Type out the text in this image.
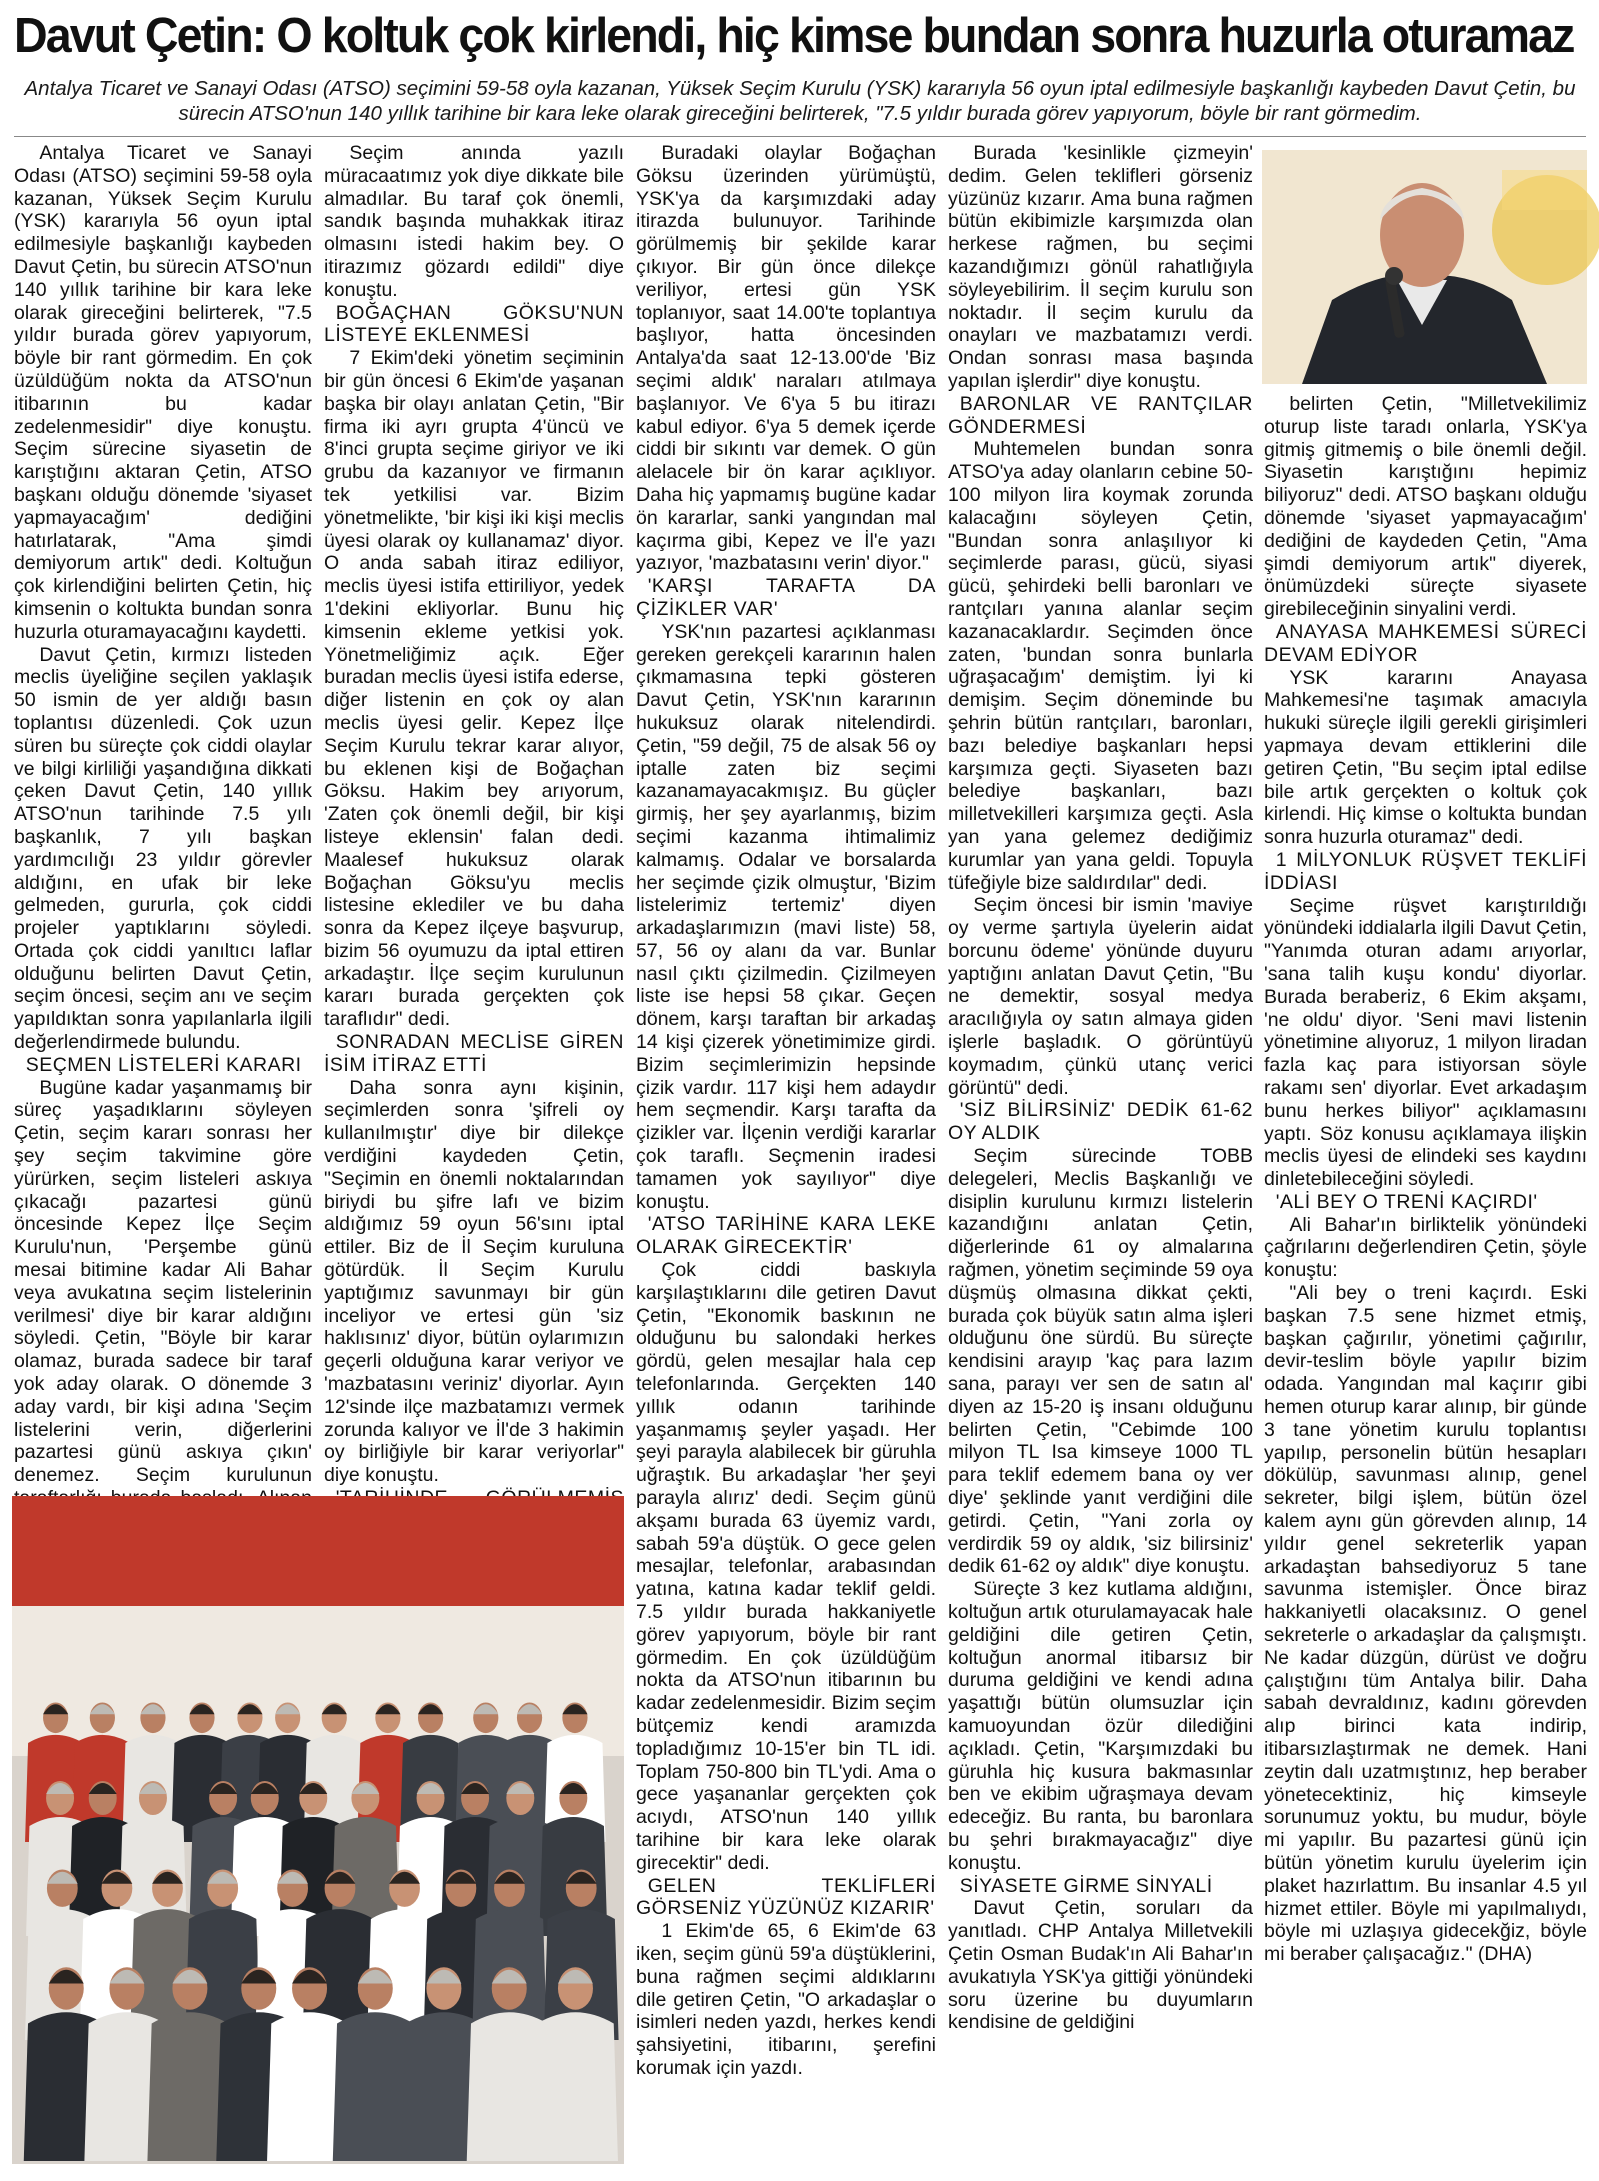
Davut Çetin: O koltuk çok kirlendi, hiç kimse bundan sonra huzurla oturamaz
Antalya Ticaret ve Sanayi Odası (ATSO) seçimini 59-58 oyla kazanan, Yüksek Seçim Kurulu (YSK) kararıyla 56 oyun iptal edilmesiyle başkanlığı kaybeden Davut Çetin, bu sürecin ATSO'nun 140 yıllık tarihine bir kara leke olarak gireceğini belirterek, "7.5 yıldır burada görev yapıyorum, böyle bir rant görmedim.

Antalya Ticaret ve Sanayi Odası (ATSO) seçimini 59-58 oyla kazanan, Yüksek Seçim Kurulu (YSK) kararıyla 56 oyun iptal edilmesiyle başkanlığı kaybeden Davut Çetin, bu sürecin ATSO'nun 140 yıllık tarihine bir kara leke olarak gireceğini belirterek, "7.5 yıldır burada görev yapıyorum, böyle bir rant görmedim. En çok üzüldüğüm nokta da ATSO'nun itibarının bu kadar zedelenmesidir" diye konuştu. Seçim sürecine siyasetin de karıştığını aktaran Çetin, ATSO başkanı olduğu dönemde 'siyaset yapmayacağım' dediğini hatırlatarak, "Ama şimdi demiyorum artık" dedi. Koltuğun çok kirlendiğini belirten Çetin, hiç kimsenin o koltukta bundan sonra huzurla oturamayacağını kaydetti.

Davut Çetin, kırmızı listeden meclis üyeliğine seçilen yaklaşık 50 ismin de yer aldığı basın toplantısı düzenledi. Çok uzun süren bu süreçte çok ciddi olaylar ve bilgi kirliliği yaşandığına dikkati çeken Davut Çetin, 140 yıllık ATSO'nun tarihinde 7.5 yılı başkanlık, 7 yılı başkan yardımcılığı 23 yıldır görevler aldığını, en ufak bir leke gelmeden, gururla, çok ciddi projeler yaptıklarını söyledi. Ortada çok ciddi yanıltıcı laflar olduğunu belirten Davut Çetin, seçim öncesi, seçim anı ve seçim yapıldıktan sonra yapılanlarla ilgili değerlendirmede bulundu.

SEÇMEN LİSTELERİ KARARI

Bugüne kadar yaşanmamış bir süreç yaşadıklarını söyleyen Çetin, seçim kararı sonrası her şey seçim takvimine göre yürürken, seçim listeleri askıya çıkacağı pazartesi günü öncesinde Kepez İlçe Seçim Kurulu'nun, 'Perşembe günü mesai bitimine kadar Ali Bahar veya avukatına seçim listelerinin verilmesi' diye bir karar aldığını söyledi. Çetin, "Böyle bir karar olamaz, burada sadece bir taraf yok aday olarak. O dönemde 3 aday vardı, bir kişi adına 'Seçim listelerini verin, diğerlerini pazartesi günü askıya çıkın' denemez. Seçim kurulunun

Seçim anında yazılı müracaatımız yok diye dikkate bile almadılar. Bu taraf çok önemli, sandık başında muhakkak itiraz olmasını istedi hakim bey. O itirazımız gözardı edildi" diye konuştu.

BOĞAÇHAN GÖKSU'NUN LİSTEYE EKLENMESİ

7 Ekim'deki yönetim seçiminin bir gün öncesi 6 Ekim'de yaşanan başka bir olayı anlatan Çetin, "Bir firma iki ayrı grupta 4'üncü ve 8'inci grupta seçime giriyor ve iki grubu da kazanıyor ve firmanın tek yetkilisi var. Bizim yönetmelikte, 'bir kişi iki kişi meclis üyesi olarak oy kullanamaz' diyor. O anda sabah itiraz ediliyor, meclis üyesi istifa ettiriliyor, yedek 1'dekini ekliyorlar. Bunu hiç kimsenin ekleme yetkisi yok. Yönetmeliğimiz açık. Eğer buradan meclis üyesi istifa ederse, diğer listenin en çok oy alan meclis üyesi gelir. Kepez İlçe Seçim Kurulu tekrar karar alıyor, bu eklenen kişi de Boğaçhan Göksu. Hakim bey arıyorum, 'Zaten çok önemli değil, bir kişi listeye eklensin' falan dedi. Maalesef hukuksuz olarak Boğaçhan Göksu'yu meclis listesine eklediler ve bu daha sonra da Kepez ilçeye başvurup, bizim 56 oyumuzu da iptal ettiren arkadaştır. İlçe seçim kurulunun kararı burada gerçekten çok taraflıdır" dedi.

SONRADAN MECLİSE GİREN İSİM İTİRAZ ETTİ

Daha sonra aynı kişinin, seçimlerden sonra 'şifreli oy kullanılmıştır' diye bir dilekçe verdiğini kaydeden Çetin, "Seçimin en önemli noktalarından biriydi bu şifre lafı ve bizim aldığımız 59 oyun 56'sını iptal ettiler. Biz de İl Seçim kuruluna götürdük. İl Seçim Kurulu yaptığımız savunmayı bir gün inceliyor ve ertesi gün 'siz haklısınız' diyor, bütün oylarımızın geçerli olduğuna karar veriyor ve 'mazbatasını veriniz' diyorlar. Ayın 12'sinde ilçe mazbatamızı vermek zorunda kalıyor ve İl'de 3 hakimin oy birliğiyle bir karar veriyorlar" diye konuştu.

Buradaki olaylar Boğaçhan Göksu üzerinden yürümüştü, YSK'ya da karşımızdaki aday itirazda bulunuyor. Tarihinde görülmemiş bir şekilde karar çıkıyor. Bir gün önce dilekçe veriliyor, ertesi gün YSK toplanıyor, saat 14.00'te toplantıya başlıyor, hatta öncesinden Antalya'da saat 12-13.00'de 'Biz seçimi aldık' naraları atılmaya başlanıyor. Ve 6'ya 5 bu itirazı kabul ediyor. 6'ya 5 demek içerde ciddi bir sıkıntı var demek. O gün alelacele bir ön karar açıklıyor. Daha hiç yapmamış bugüne kadar ön kararlar, sanki yangından mal kaçırma gibi, Kepez ve İl'e yazı yazıyor, 'mazbatasını verin' diyor."

'KARŞI TARAFTA DA ÇİZİKLER VAR'

YSK'nın pazartesi açıklanması gereken gerekçeli kararının halen çıkmamasına tepki gösteren Davut Çetin, YSK'nın kararının hukuksuz olarak nitelendirdi. Çetin, "59 değil, 75 de alsak 56 oy iptalle zaten biz seçimi kazanamayacakmışız. Bu güçler girmiş, her şey ayarlanmış, bizim seçimi kazanma ihtimalimiz kalmamış. Odalar ve borsalarda her seçimde çizik olmuştur, 'Bizim listelerimiz tertemiz' diyen arkadaşlarımızın (mavi liste) 58, 57, 56 oy alanı da var. Bunlar nasıl çıktı çizilmedin. Çizilmeyen liste ise hepsi 58 çıkar. Geçen dönem, karşı taraftan bir arkadaş 14 kişi çizerek yönetimimize girdi. Bizim seçimlerimizin hepsinde çizik vardır. 117 kişi hem adaydır hem seçmendir. Karşı tarafta da çizikler var. İlçenin verdiği kararlar çok taraflı. Seçmenin iradesi tamamen yok sayılıyor" diye konuştu.

'ATSO TARİHİNE KARA LEKE OLARAK GİRECEKTİR'

Çok ciddi baskıyla karşılaştıklarını dile getiren Davut Çetin, "Ekonomik baskının ne olduğunu bu salondaki herkes gördü, gelen mesajlar hala cep telefonlarında. Gerçekten 140 yıllık odanın tarihinde yaşanmamış şeyler yaşadı. Her şeyi parayla alabilecek bir güruhla uğraştık. Bu arkadaşlar 'her şeyi parayla alırız' dedi. Seçim günü akşamı burada 63 üyemiz vardı, sabah 59'a düştük. O gece gelen mesajlar, telefonlar, arabasından yatına, katına kadar teklif geldi. 7.5 yıldır burada hakkaniyetle görev yapıyorum, böyle bir rant görmedim. En çok üzüldüğüm nokta da ATSO'nun itibarının bu kadar zedelenmesidir. Bizim seçim bütçemiz kendi aramızda topladığımız 10-15'er bin TL idi. Toplam 750-800 bin TL'ydi. Ama o gece yaşananlar gerçekten çok acıydı, ATSO'nun 140 yıllık tarihine bir kara leke olarak girecektir" dedi.

GELEN TEKLİFLERİ GÖRSENİZ YÜZÜNÜZ KIZARIR'

1 Ekim'de 65, 6 Ekim'de 63 iken, seçim günü 59'a düştüklerini, buna rağmen seçimi aldıklarını dile getiren Çetin, "O arkadaşlar o isimleri neden yazdı, herkes kendi şahsiyetini, itibarını, şerefini korumak için yazdı.

Burada 'kesinlikle çizmeyin' dedim. Gelen teklifleri görseniz yüzünüz kızarır. Ama buna rağmen bütün ekibimizle karşımızda olan herkese rağmen, bu seçimi kazandığımızı gönül rahatlığıyla söyleyebilirim. İl seçim kurulu son noktadır. İl seçim kurulu da onayları ve mazbatamızı verdi. Ondan sonrası masa başında yapılan işlerdir" diye konuştu.

BARONLAR VE RANTÇILAR GÖNDERMESİ

Muhtemelen bundan sonra ATSO'ya aday olanların cebine 50-100 milyon lira koymak zorunda kalacağını söyleyen Çetin, "Bundan sonra anlaşılıyor ki seçimlerde parası, gücü, siyasi gücü, şehirdeki belli baronları ve rantçıları yanına alanlar seçim kazanacaklardır. Seçimden önce zaten, 'bundan sonra bunlarla uğraşacağım' demiştim. İyi ki demişim. Seçim döneminde bu şehrin bütün rantçıları, baronları, bazı belediye başkanları hepsi karşımıza geçti. Siyaseten bazı belediye başkanları, bazı milletvekilleri karşımıza geçti. Asla yan yana gelemez dediğimiz kurumlar yan yana geldi. Topuyla tüfeğiyle bize saldırdılar" dedi.

Seçim öncesi bir ismin 'maviye oy verme şartıyla üyelerin aidat borcunu ödeme' yönünde duyuru yaptığını anlatan Davut Çetin, "Bu ne demektir, sosyal medya aracılığıyla oy satın almaya giden işlerle başladık. O görüntüyü koymadım, çünkü utanç verici görüntü" dedi.

'SİZ BİLİRSİNİZ' DEDİK 61-62 OY ALDIK

Seçim sürecinde TOBB delegeleri, Meclis Başkanlığı ve disiplin kurulunu kırmızı listelerin kazandığını anlatan Çetin, diğerlerinde 61 oy almalarına rağmen, yönetim seçiminde 59 oya düşmüş olmasına dikkat çekti, burada çok büyük satın alma işleri olduğunu öne sürdü. Bu süreçte kendisini arayıp 'kaç para lazım sana, parayı ver sen de satın al' diyen az 15-20 iş insanı olduğunu belirten Çetin, "Cebimde 100 milyon TL Isa kimseye 1000 TL para teklif edemem bana oy ver diye' şeklinde yanıt verdiğini dile getirdi. Çetin, "Yani zorla oy verdirdik 59 oy aldık, 'siz bilirsiniz' dedik 61-62 oy aldık" diye konuştu.

Süreçte 3 kez kutlama aldığını, koltuğun artık oturulamayacak hale geldiğini dile getiren Çetin, koltuğun anormal itibarsız bir duruma geldiğini ve kendi adına yaşattığı bütün olumsuzlar için kamuoyundan özür dilediğini açıkladı. Çetin, "Karşımızdaki bu güruhla hiç kusura bakmasınlar ben ve ekibim uğraşmaya devam edeceğiz. Bu ranta, bu baronlara bu şehri bırakmayacağız" diye konuştu.

SİYASETE GİRME SİNYALİ

Davut Çetin, soruları da yanıtladı. CHP Antalya Milletvekili Çetin Osman Budak'ın Ali Bahar'ın avukatıyla YSK'ya gittiği yönündeki soru üzerine bu duyumların kendisine de geldiğini

belirten Çetin, "Milletvekilimiz oturup liste taradı onlarla, YSK'ya gitmiş gitmemiş o bile önemli değil. Siyasetin karıştığını hepimiz biliyoruz" dedi. ATSO başkanı olduğu dönemde 'siyaset yapmayacağım' dediğini de kaydeden Çetin, "Ama şimdi demiyorum artık" diyerek, önümüzdeki süreçte siyasete girebileceğinin sinyalini verdi.

ANAYASA MAHKEMESİ SÜRECİ DEVAM EDİYOR

YSK kararını Anayasa Mahkemesi'ne taşımak amacıyla hukuki süreçle ilgili gerekli girişimleri yapmaya devam ettiklerini dile getiren Çetin, "Bu seçim iptal edilse bile artık gerçekten o koltuk çok kirlendi. Hiç kimse o koltukta bundan sonra huzurla oturamaz" dedi.

1 MİLYONLUK RÜŞVET TEKLİFİ İDDİASI

Seçime rüşvet karıştırıldığı yönündeki iddialarla ilgili Davut Çetin, "Yanımda oturan adamı arıyorlar, 'sana talih kuşu kondu' diyorlar. Burada beraberiz, 6 Ekim akşamı, 'ne oldu' diyor. 'Seni mavi listenin yönetimine alıyoruz, 1 milyon liradan fazla kaç para istiyorsan söyle rakamı sen' diyorlar. Evet arkadaşım bunu herkes biliyor" açıklamasını yaptı. Söz konusu açıklamaya ilişkin meclis üyesi de elindeki ses kaydını dinletebileceğini söyledi.

'ALİ BEY O TRENİ KAÇIRDI'

Ali Bahar'ın birliktelik yönündeki çağrılarını değerlendiren Çetin, şöyle konuştu:

"Ali bey o treni kaçırdı. Eski başkan 7.5 sene hizmet etmiş, başkan çağırılır, yönetimi çağırılır, devir-teslim böyle yapılır bizim odada. Yangından mal kaçırır gibi hemen oturup karar alınıp, bir günde 3 tane yönetim kurulu toplantısı yapılıp, personelin bütün hesapları dökülüp, savunması alınıp, genel sekreter, bilgi işlem, bütün özel kalem aynı gün görevden alınıp, 14 yıldır genel sekreterlik yapan arkadaştan bahsediyoruz 5 tane savunma istemişler. Önce biraz hakkaniyetli olacaksınız. O genel sekreterle o arkadaşlar da çalışmıştı. Ne kadar düzgün, dürüst ve doğru çalıştığını tüm Antalya bilir. Daha sabah devraldınız, kadını görevden alıp birinci kata indirip, itibarsızlaştırmak ne demek. Hani zeytin dalı uzatmıştınız, hep beraber yönetecektiniz, hiç kimseyle sorunumuz yoktu, bu mudur, böyle mi yapılır. Bu pazartesi günü için bütün yönetim kurulu üyelerim için plaket hazırlattım. Bu insanlar 4.5 yıl hizmet ettiler. Böyle mi yapılmalıydı, böyle mi uzlaşıya gidecekğiz, böyle mi beraber çalışacağız." (DHA)
